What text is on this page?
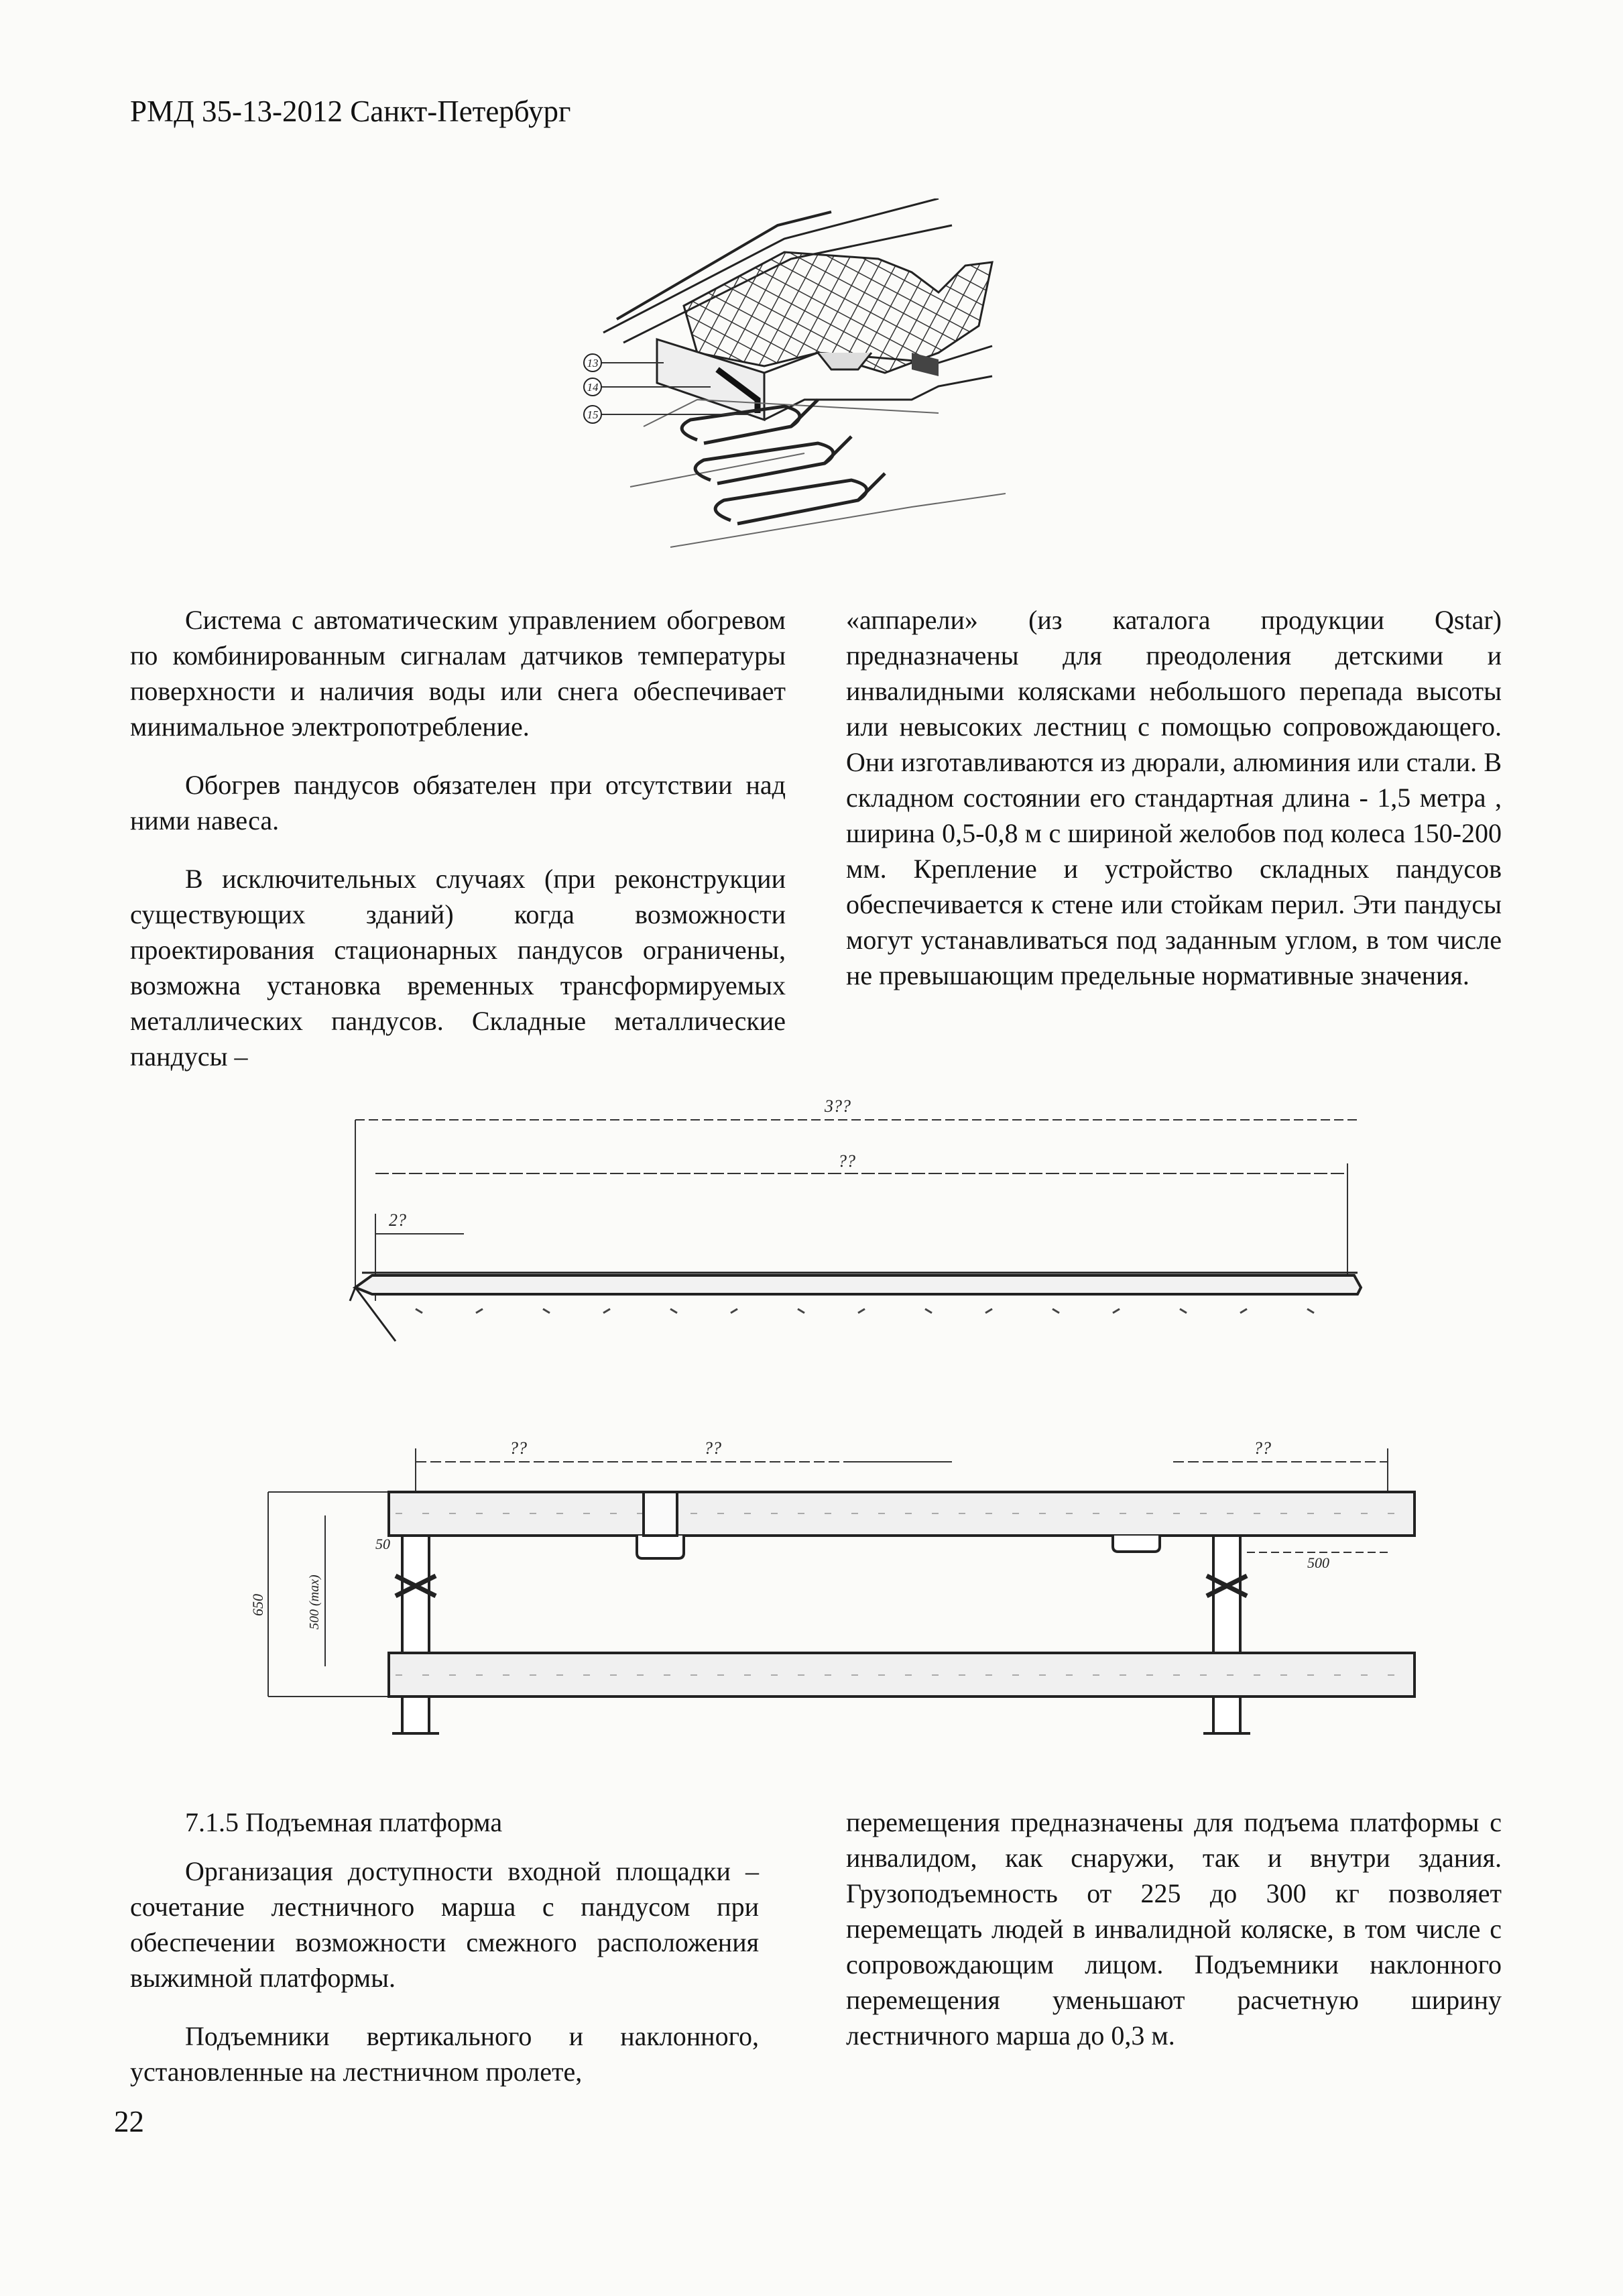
РМД 35-13-2012 Санкт-Петербург
13
14
15

Система с автоматическим управлением обогревом по комбинированным сигналам датчиков температуры поверхности и наличия воды или снега обеспечивает минимальное электропотребление.

Обогрев пандусов обязателен при отсутствии над ними навеса.

В исключительных случаях (при реконструкции существующих зданий) когда возможности проектирования стационарных пандусов ограничены, возможна установка временных трансформируемых металлических пандусов. Складные металлические пандусы –

«аппарели» (из каталога продукции Qstar) предназначены для преодоления детскими и инвалидными колясками небольшого перепада высоты или невысоких лестниц с помощью сопровождающего. Они изготавливаются из дюрали, алюминия или стали. В складном состоянии его стандартная длина - 1,5 метра , ширина 0,5-0,8 м с шириной желобов под колеса 150-200 мм. Крепление и устройство складных пандусов обеспечивается к стене или стойкам перил. Эти пандусы могут устанавливаться под заданным углом, в том числе не превышающим предельные нормативные значения.

3??
??
2?
650	500 (max)
50
??	??	??
500
7.1.5 Подъемная платформа

Организация доступности входной площадки – сочетание лестничного марша с пандусом при обеспечении возможности смежного расположения выжимной платформы.

Подъемники вертикального и наклонного, установленные на лестничном пролете,

перемещения предназначены для подъема платформы с инвалидом, как снаружи, так и внутри здания. Грузоподъемность от 225 до 300 кг позволяет перемещать людей в инвалидной коляске, в том числе с сопровождающим лицом. Подъемники наклонного перемещения уменьшают расчетную ширину лестничного марша до 0,3 м.

22
